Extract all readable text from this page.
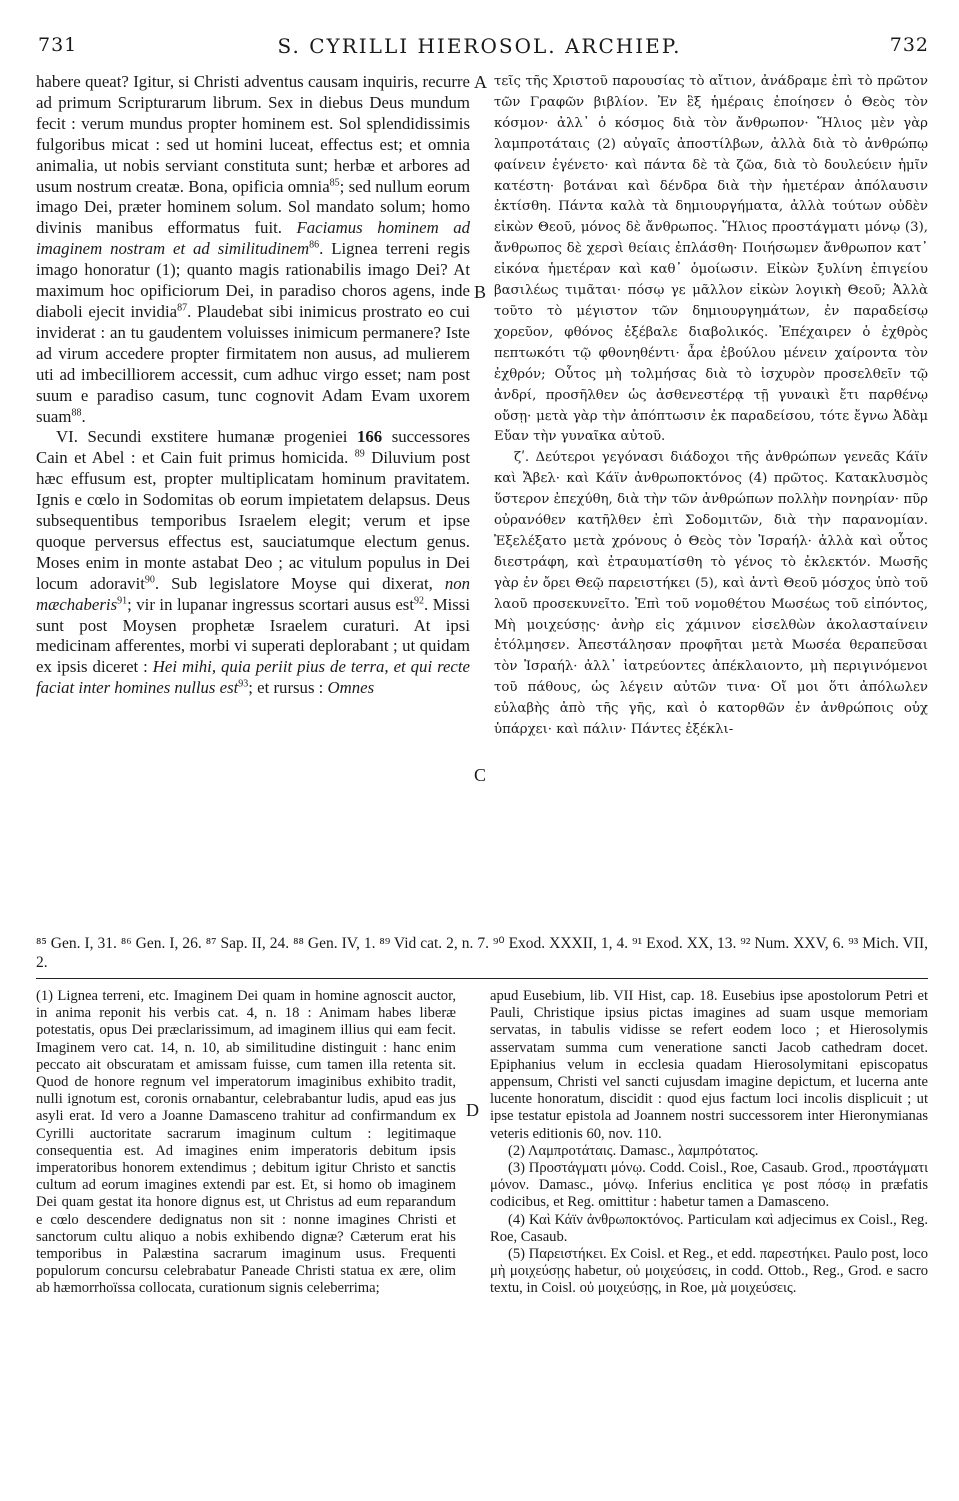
S. CYRILLI HIEROSOL. ARCHIEP.
731	732

habere queat? Igitur, si Christi adventus causam inquiris, recurre ad primum Scripturarum librum. Sex in diebus Deus mundum fecit : verum mundus propter hominem est. Sol splendidissimis fulgoribus micat : sed ut homini luceat, effectus est; et omnia animalia, ut nobis serviant constituta sunt; herbæ et arbores ad usum nostrum creatæ. Bona, opificia omnia$^{85}$; sed nullum eorum imago Dei, præter hominem solum. Sol mandato solum; homo divinis manibus efformatus fuit. Faciamus hominem ad imaginem nostram et ad similitudinem$^{86}$. Lignea terreni regis imago honoratur (1); quanto magis rationabilis imago Dei? At maximum hoc opificiorum Dei, in paradiso choros agens, inde diaboli ejecit invidia$^{87}$. Plaudebat sibi inimicus prostrato eo cui inviderat : an tu gaudentem voluisses inimicum permanere? Iste ad virum accedere propter firmitatem non ausus, ad mulierem uti ad imbecilliorem accessit, cum adhuc virgo esset; nam post suum e paradiso casum, tunc cognovit Adam Evam uxorem suam$^{88}$.

VI. Secundi exstitere humanæ progeniei 166 successores Cain et Abel : et Cain fuit primus homicida. $^{89}$ Diluvium post hæc effusum est, propter multiplicatam hominum pravitatem. Ignis e cœlo in Sodomitas ob eorum impietatem delapsus. Deus subsequentibus temporibus Israelem elegit; verum et ipse quoque perversus effectus est, sauciatumque electum genus. Moses enim in monte astabat Deo ; ac vitulum populus in Dei locum adoravit$^{90}$. Sub legislatore Moyse qui dixerat, non mæchaberis$^{91}$; vir in lupanar ingressus scortari ausus est$^{92}$. Missi sunt post Moysen prophetæ Israelem curaturi. At ipsi medicinam afferentes, morbi vi superati deplorabant ; ut quidam ex ipsis diceret : Hei mihi, quia periit pius de terra, et qui recte faciat inter homines nullus est$^{93}$; et rursus : Omnes

A
B
C
D

τεῖς τῆς Χριστοῦ παρουσίας τὸ αἴτιον, ἀνάδραμε ἐπὶ τὸ πρῶτον τῶν Γραφῶν βιβλίον. Ἐν ἓξ ἡμέραις ἐποίησεν ὁ Θεὸς τὸν κόσμον· ἀλλ᾽ ὁ κόσμος διὰ τὸν ἄνθρωπον· Ἥλιος μὲν γὰρ λαμπροτάταις (2) αὐγαῖς ἀποστίλβων, ἀλλὰ διὰ τὸ ἀνθρώπῳ φαίνειν ἐγένετο· καὶ πάντα δὲ τὰ ζῶα, διὰ τὸ δουλεύειν ἡμῖν κατέστη· βοτάναι καὶ δένδρα διὰ τὴν ἡμετέραν ἀπόλαυσιν ἐκτίσθη. Πάντα καλὰ τὰ δημιουργήματα, ἀλλὰ τούτων οὐδὲν εἰκὼν Θεοῦ, μόνος δὲ ἄνθρωπος. Ἥλιος προστάγματι μόνῳ (3), ἄνθρωπος δὲ χερσὶ θείαις ἐπλάσθη· Ποιήσωμεν ἄνθρωπον κατ᾽ εἰκόνα ἡμετέραν καὶ καθ᾽ ὁμοίωσιν. Εἰκὼν ξυλίνη ἐπιγείου βασιλέως τιμᾶται· πόσῳ γε μᾶλλον εἰκὼν λογικὴ Θεοῦ; Ἀλλὰ τοῦτο τὸ μέγιστον τῶν δημιουργημάτων, ἐν παραδείσῳ χορεῦον, φθόνος ἐξέβαλε διαβολικός. Ἐπέχαιρεν ὁ ἐχθρὸς πεπτωκότι τῷ φθονηθέντι· ἆρα ἐβούλου μένειν χαίροντα τὸν ἐχθρόν; Οὗτος μὴ τολμήσας διὰ τὸ ἰσχυρὸν προσελθεῖν τῷ ἀνδρί, προσῆλθεν ὡς ἀσθενεστέρᾳ τῇ γυναικὶ ἔτι παρθένῳ οὔσῃ· μετὰ γὰρ τὴν ἀπόπτωσιν ἐκ παραδείσου, τότε ἔγνω Ἀδὰμ Εὔαν τὴν γυναῖκα αὐτοῦ.

ζʹ. Δεύτεροι γεγόνασι διάδοχοι τῆς ἀνθρώπων γενεᾶς Κάϊν καὶ Ἄβελ· καὶ Κάϊν ἀνθρωποκτόνος (4) πρῶτος. Κατακλυσμὸς ὕστερον ἐπεχύθη, διὰ τὴν τῶν ἀνθρώπων πολλὴν πονηρίαν· πῦρ οὐρανόθεν κατῆλθεν ἐπὶ Σοδομιτῶν, διὰ τὴν παρανομίαν. Ἐξελέξατο μετὰ χρόνους ὁ Θεὸς τὸν Ἰσραήλ· ἀλλὰ καὶ οὗτος διεστράφη, καὶ ἐτραυματίσθη τὸ γένος τὸ ἐκλεκτόν. Μωσῆς γὰρ ἐν ὄρει Θεῷ παρειστήκει (5), καὶ ἀντὶ Θεοῦ μόσχος ὑπὸ τοῦ λαοῦ προσεκυνεῖτο. Ἐπὶ τοῦ νομοθέτου Μωσέως τοῦ εἰπόντος, Μὴ μοιχεύσῃς· ἀνὴρ εἰς χάμινον εἰσελθὼν ἀκολασταίνειν ἐτόλμησεν. Ἀπεστάλησαν προφῆται μετὰ Μωσέα θεραπεῦσαι τὸν Ἰσραήλ· ἀλλ᾽ ἰατρεύοντες ἀπέκλαιοντο, μὴ περιγινόμενοι τοῦ πάθους, ὡς λέγειν αὐτῶν τινα· Οἴ μοι ὅτι ἀπόλωλεν εὐλαβὴς ἀπὸ τῆς γῆς, καὶ ὁ κατορθῶν ἐν ἀνθρώποις οὐχ ὑπάρχει· καὶ πάλιν· Πάντες ἐξέκλι-

⁸⁵ Gen. I, 31. ⁸⁶ Gen. I, 26. ⁸⁷ Sap. II, 24. ⁸⁸ Gen. IV, 1. ⁸⁹ Vid cat. 2, n. 7. ⁹⁰ Exod. XXXII, 1, 4. ⁹¹ Exod. XX, 13. ⁹² Num. XXV, 6. ⁹³ Mich. VII, 2.
(1) Lignea terreni, etc. Imaginem Dei quam in homine agnoscit auctor, in anima reponit his verbis cat. 4, n. 18 : Animam habes liberæ potestatis, opus Dei præclarissimum, ad imaginem illius qui eam fecit. Imaginem vero cat. 14, n. 10, ab similitudine distinguit : hanc enim peccato ait obscuratam et amissam fuisse, cum tamen illa retenta sit. Quod de honore regnum vel imperatorum imaginibus exhibito tradit, nulli ignotum est, coronis ornabantur, celebrabantur ludis, apud eas jus asyli erat. Id vero a Joanne Damasceno trahitur ad confirmandum ex Cyrilli auctoritate sacrarum imaginum cultum : legitimaque consequentia est. Ad imagines enim imperatoris debitum ipsis imperatoribus honorem extendimus ; debitum igitur Christo et sanctis cultum ad eorum imagines extendi par est. Et, si homo ob imaginem Dei quam gestat ita honore dignus est, ut Christus ad eum reparandum e cœlo descendere dedignatus non sit : nonne imagines Christi et sanctorum cultu aliquo a nobis exhibendo dignæ? Cæterum erat his temporibus in Palæstina sacrarum imaginum usus. Frequenti populorum concursu celebrabatur Paneade Christi statua ex ære, olim ab hæmorrhoïssa collocata, curationum signis celeberrima;

apud Eusebium, lib. VII Hist, cap. 18. Eusebius ipse apostolorum Petri et Pauli, Christique ipsius pictas imagines ad suam usque memoriam servatas, in tabulis vidisse se refert eodem loco ; et Hierosolymis asservatam summa cum veneratione sancti Jacob cathedram docet. Epiphanius velum in ecclesia quadam Hierosolymitani episcopatus appensum, Christi vel sancti cujusdam imagine depictum, et lucerna ante lucente honoratum, discidit : quod ejus factum loci incolis displicuit ; ut ipse testatur epistola ad Joannem nostri successorem inter Hieronymianas veteris editionis 60, nov. 110.

(2) Λαμπροτάταις. Damasc., λαμπρότατος.

(3) Προστάγματι μόνῳ. Codd. Coisl., Roe, Casaub. Grod., προστάγματι μόνον. Damasc., μόνῳ. Inferius enclitica γε post πόσῳ in præfatis codicibus, et Reg. omittitur : habetur tamen a Damasceno.

(4) Καὶ Κάϊν ἀνθρωποκτόνος. Particulam καὶ adjecimus ex Coisl., Reg. Roe, Casaub.

(5) Παρειστήκει. Ex Coisl. et Reg., et edd. παρεστήκει. Paulo post, loco μὴ μοιχεύσῃς habetur, οὐ μοιχεύσεις, in codd. Ottob., Reg., Grod. e sacro textu, in Coisl. οὐ μοιχεύσῃς, in Roe, μὰ μοιχεύσεις.
